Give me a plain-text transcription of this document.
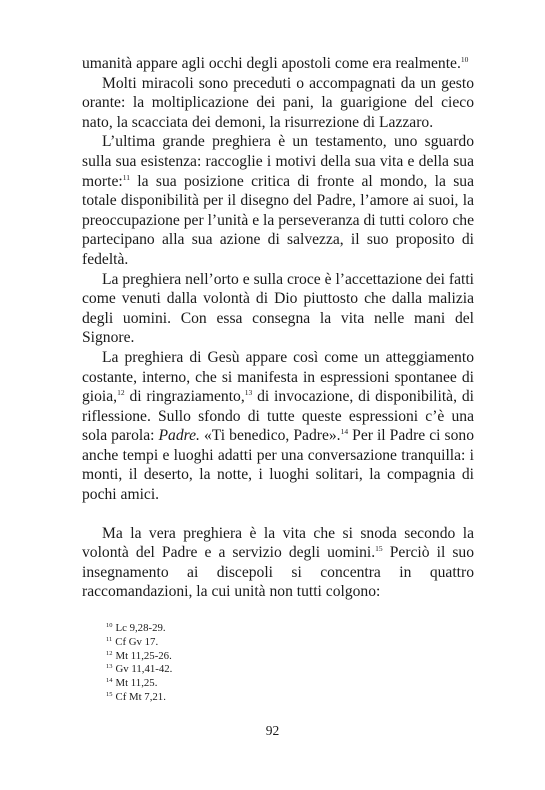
umanità appare agli occhi degli apostoli come era realmente.$^{10}$

Molti miracoli sono preceduti o accompagnati da un gesto orante: la moltiplicazione dei pani, la guarigione del cieco nato, la scacciata dei demoni, la risurrezione di Lazzaro.

L’ultima grande preghiera è un testamento, uno sguardo sulla sua esistenza: raccoglie i motivi della sua vita e della sua morte:$^{11}$ la sua posizione critica di fronte al mondo, la sua totale disponibilità per il disegno del Padre, l’amore ai suoi, la preoccupazione per l’unità e la perseveranza di tutti coloro che partecipano alla sua azione di salvezza, il suo proposito di fedeltà.

La preghiera nell’orto e sulla croce è l’accettazione dei fatti come venuti dalla volontà di Dio piuttosto che dalla malizia degli uomini. Con essa consegna la vita nelle mani del Signore.

La preghiera di Gesù appare così come un atteggiamento costante, interno, che si manifesta in espressioni spontanee di gioia,$^{12}$ di ringraziamento,$^{13}$ di invocazione, di disponibilità, di riflessione. Sullo sfondo di tutte queste espressioni c’è una sola parola: Padre. «Ti benedico, Padre».$^{14}$ Per il Padre ci sono anche tempi e luoghi adatti per una conversazione tranquilla: i monti, il deserto, la notte, i luoghi solitari, la compagnia di pochi amici.

Ma la vera preghiera è la vita che si snoda secondo la volontà del Padre e a servizio degli uomini.$^{15}$ Perciò il suo insegnamento ai discepoli si concentra in quattro raccomandazioni, la cui unità non tutti colgono:

$^{10}$ Lc 9,28-29.

$^{11}$ Cf Gv 17.

$^{12}$ Mt 11,25-26.

$^{13}$ Gv 11,41-42.

$^{14}$ Mt 11,25.

$^{15}$ Cf Mt 7,21.

92
